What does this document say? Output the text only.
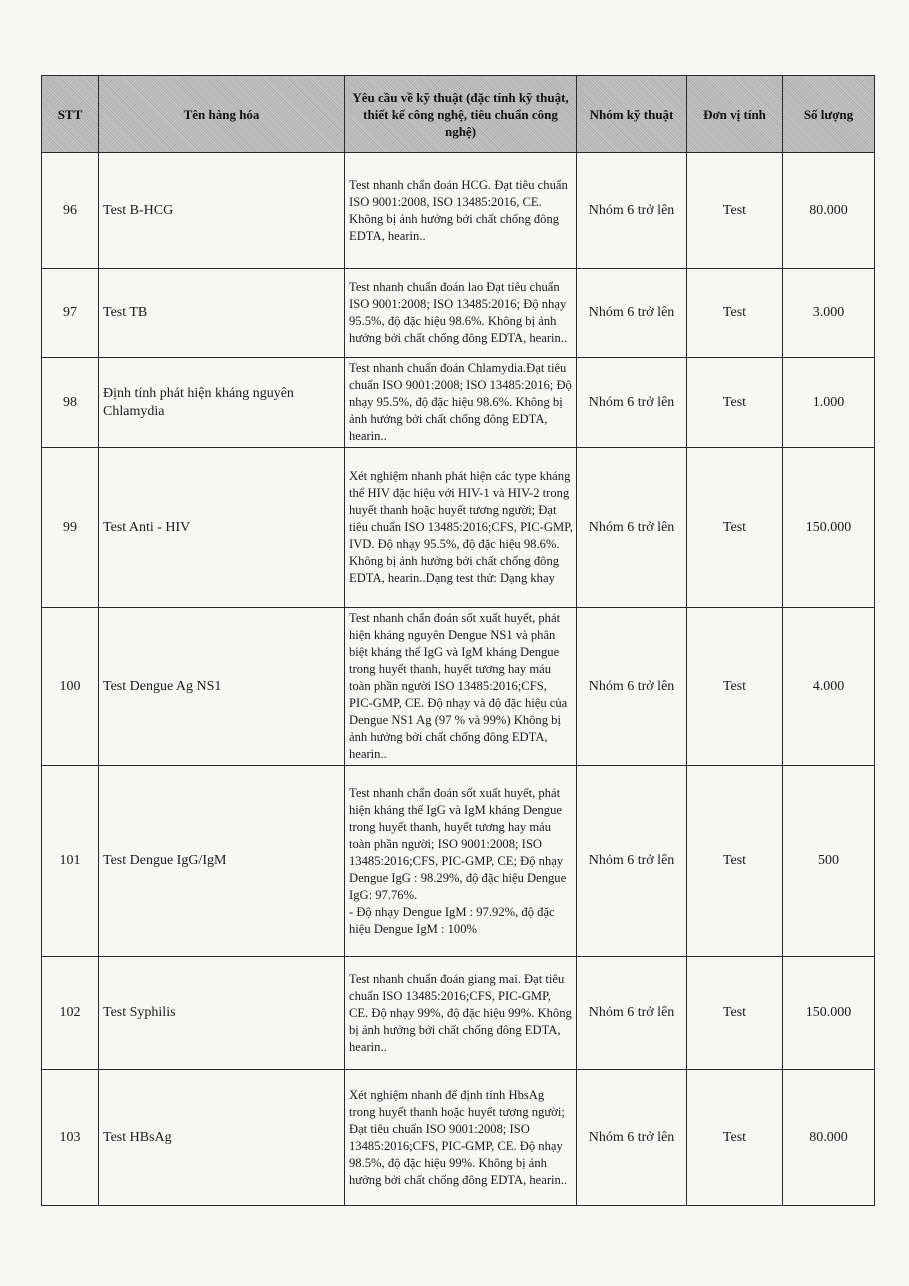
STT	Tên hàng hóa	Yêu cầu về kỹ thuật (đặc tính kỹ thuật, thiết kế công nghệ, tiêu chuẩn công nghệ)	Nhóm kỹ thuật	Đơn vị tính	Số lượng
96	Test B-HCG	Test nhanh chẩn đoán HCG. Đạt tiêu chuẩn ISO 9001:2008, ISO 13485:2016, CE. Không bị ảnh hưởng bởi chất chống đông EDTA, hearin..	Nhóm 6 trở lên	Test	80.000
97	Test TB	Test nhanh chuẩn đoán lao Đạt tiêu chuẩn ISO 9001:2008; ISO 13485:2016; Độ nhạy 95.5%, độ đặc hiệu 98.6%. Không bị ảnh hưởng bởi chất chống đông EDTA, hearin..	Nhóm 6 trở lên	Test	3.000
98	Định tính phát hiện kháng nguyên Chlamydia	Test nhanh chuẩn đoán Chlamydia.Đạt tiêu chuẩn ISO 9001:2008; ISO 13485:2016; Độ nhạy 95.5%, độ đặc hiệu 98.6%. Không bị ảnh hưởng bởi chất chống đông EDTA, hearin..	Nhóm 6 trở lên	Test	1.000
99	Test Anti - HIV	Xét nghiệm nhanh phát hiện các type kháng thể HIV đặc hiệu với HIV-1 và HIV-2 trong huyết thanh hoặc huyết tương người; Đạt tiêu chuẩn ISO 13485:2016;CFS, PIC-GMP, IVD. Độ nhạy 95.5%, độ đặc hiệu 98.6%. Không bị ảnh hưởng bởi chất chống đông EDTA, hearin..Dạng test thử: Dạng khay	Nhóm 6 trở lên	Test	150.000
100	Test Dengue Ag NS1	Test nhanh chẩn đoán sốt xuất huyết, phát hiện kháng nguyên Dengue NS1 và phân biệt kháng thể IgG và IgM kháng Dengue trong huyết thanh, huyết tương hay máu toàn phần người ISO 13485:2016;CFS, PIC-GMP, CE. Độ nhạy và độ đặc hiệu của Dengue NS1 Ag (97 % và 99%) Không bị ảnh hưởng bởi chất chống đông EDTA, hearin..	Nhóm 6 trở lên	Test	4.000
101	Test Dengue IgG/IgM	Test nhanh chẩn đoán sốt xuất huyết, phát hiện kháng thể IgG và IgM kháng Dengue trong huyết thanh, huyết tương hay máu toàn phần người; ISO 9001:2008; ISO 13485:2016;CFS, PIC-GMP, CE; Độ nhạy Dengue IgG : 98.29%, độ đặc hiệu Dengue IgG: 97.76%.
- Độ nhạy Dengue IgM : 97.92%, độ đặc hiệu Dengue IgM : 100%	Nhóm 6 trở lên	Test	500
102	Test Syphilis	Test nhanh chuẩn đoán giang mai. Đạt tiêu chuẩn ISO 13485:2016;CFS, PIC-GMP, CE. Độ nhạy 99%, độ đặc hiệu 99%. Không bị ảnh hưởng bởi chất chống đông EDTA, hearin..	Nhóm 6 trở lên	Test	150.000
103	Test HBsAg	Xét nghiệm nhanh để định tính HbsAg trong huyết thanh hoặc huyết tương người; Đạt tiêu chuẩn ISO 9001:2008; ISO 13485:2016;CFS, PIC-GMP, CE. Độ nhạy 98.5%, độ đặc hiệu 99%. Không bị ảnh hưởng bởi chất chống đông EDTA, hearin..	Nhóm 6 trở lên	Test	80.000
